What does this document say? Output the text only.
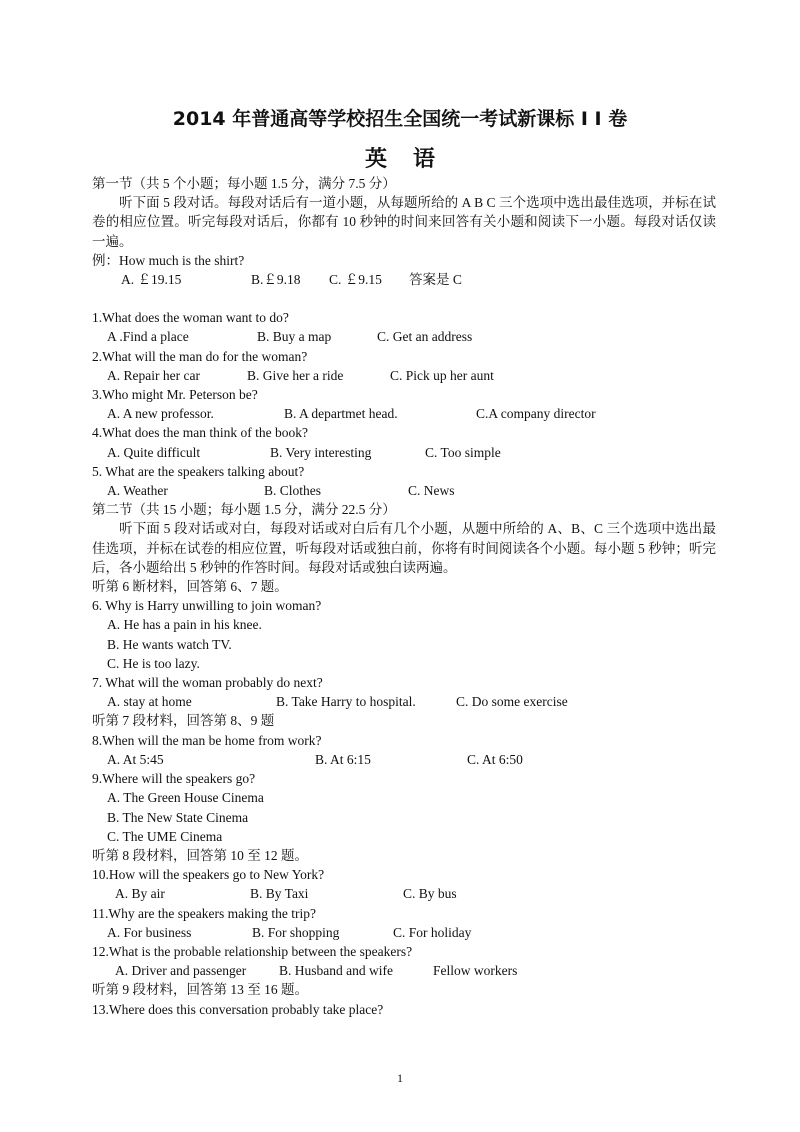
2014 年普通高等学校招生全国统一考试新课标 I I 卷
英语
第一节（共 5 个小题；每小题 1.5 分，满分 7.5 分）
听下面 5 段对话。每段对话后有一道小题，从每题所给的 A B C 三个选项中选出最佳选项，并标在试卷的相应位置。听完每段对话后，你都有 10 秒钟的时间来回答有关小题和阅读下一小题。每段对话仅读一遍。
例：How much is the shirt?
A. ￡19.15	B.￡9.18	C. ￡9.15	答案是 C
1.What does the woman want to do?
A .Find a place	B. Buy a map	C. Get an address
2.What will the man do for the woman?
A. Repair her car	B. Give her a ride	C. Pick up her aunt
3.Who might Mr. Peterson be?
A. A new professor.	B. A departmet head.	C.A company director
4.What does the man think of the book?
A. Quite difficult	B. Very interesting	C. Too simple
5. What are the speakers talking about?
A. Weather	B. Clothes	C. News
第二节（共 15 小题；每小题 1.5 分，满分 22.5 分）
听下面 5 段对话或对白，每段对话或对白后有几个小题，从题中所给的 A、B、C 三个选项中选出最佳选项，并标在试卷的相应位置，听每段对话或独白前，你将有时间阅读各个小题。每小题 5 秒钟；听完后，各小题给出 5 秒钟的作答时间。每段对话或独白读两遍。
听第 6 断材料，回答第 6、7 题。
6. Why is Harry unwilling to join woman?
A. He has a pain in his knee.
B. He wants watch TV.
C. He is too lazy.
7. What will the woman probably do next?
A. stay at home	B. Take Harry to hospital.	C. Do some exercise
听第 7 段材料，回答第 8、9 题
8.When will the man be home from work?
A. At 5:45	B. At 6:15	C. At 6:50
9.Where will the speakers go?
A. The Green House Cinema
B. The New State Cinema
C. The UME Cinema
听第 8 段材料，回答第 10 至 12 题。
10.How will the speakers go to New York?
A. By air	B. By Taxi	C. By bus
11.Why are the speakers making the trip?
A. For business	B. For shopping	C. For holiday
12.What is the probable relationship between the speakers?
A. Driver and passenger	B. Husband and wife	Fellow workers
听第 9 段材料，回答第 13 至 16 题。
13.Where does this conversation probably take place?
1
